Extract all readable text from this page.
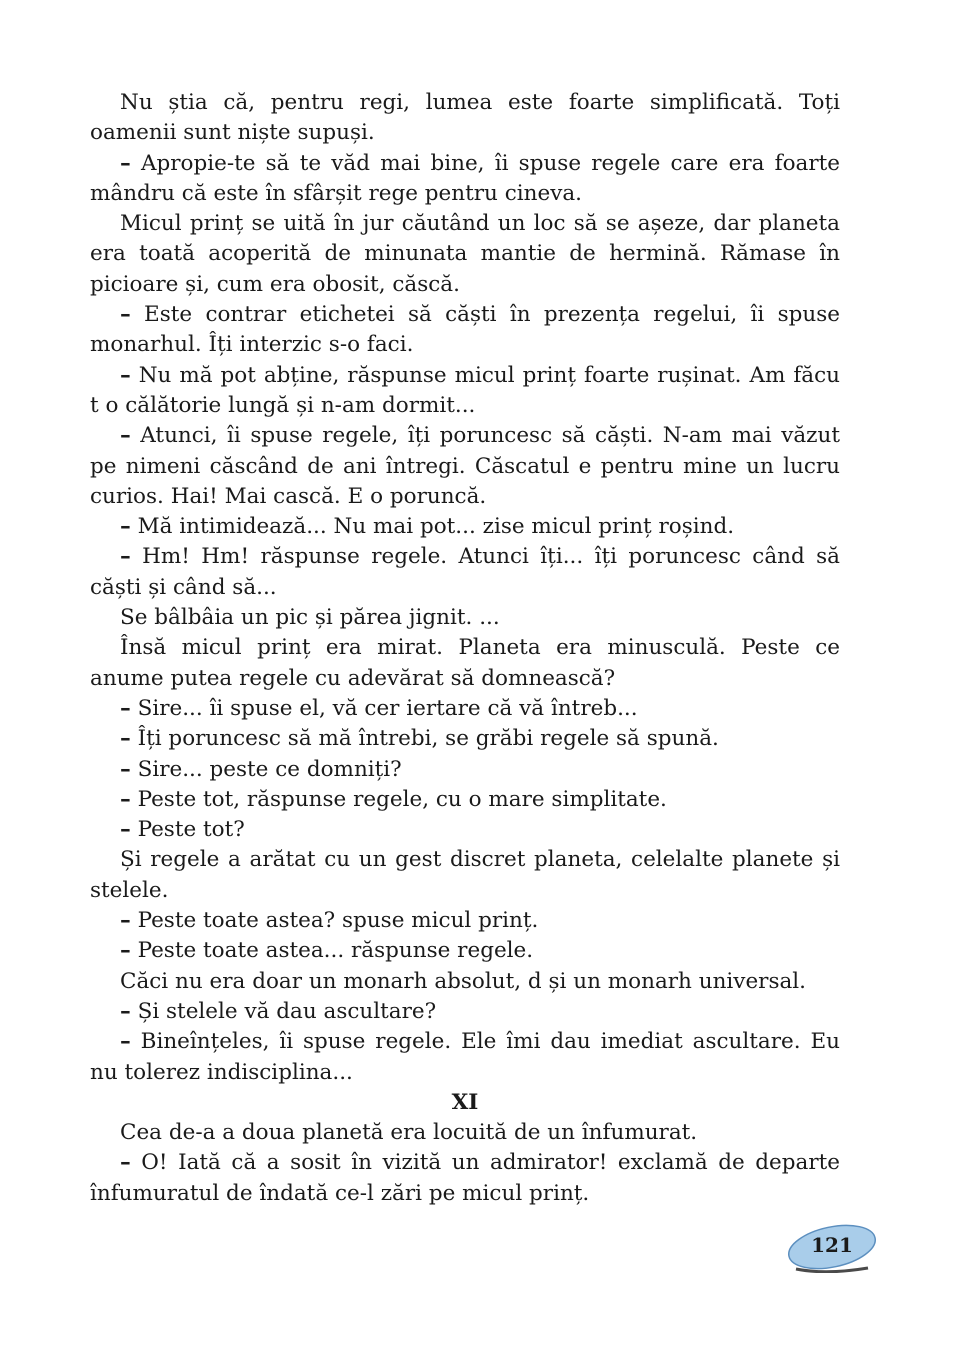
Nu știa că, pentru regi, lumea este foarte simplificată. Toți oamenii sunt niște supuși.

– Apropie-te să te văd mai bine, îi spuse regele care era foarte mândru că este în sfârșit rege pentru cineva.

Micul prinț se uită în jur căutând un loc să se așeze, dar planeta era toată acoperită de minunata mantie de hermină. Rămase în picioare și, cum era obosit, căscă.

– Este contrar etichetei să căști în prezența regelui, îi spuse monarhul. Îți interzic s-o faci.

– Nu mă pot abține, răspunse micul prinț foarte rușinat. Am făcu t o călătorie lungă și n-am dormit...

– Atunci, îi spuse regele, îți poruncesc să căști. N-am mai văzut pe nimeni căscând de ani întregi. Căscatul e pentru mine un lucru curios. Hai! Mai cască. E o poruncă.

– Mă intimidează... Nu mai pot... zise micul prinț roșind.

– Hm! Hm! răspunse regele. Atunci îți... îți poruncesc când să căști și când să...

Se bâlbâia un pic și părea jignit. ...

Însă micul prinț era mirat. Planeta era minusculă. Peste ce anume putea regele cu adevărat să domnească?

– Sire... îi spuse el, vă cer iertare că vă întreb...

– Îți poruncesc să mă întrebi, se grăbi regele să spună.

– Sire... peste ce domniți?

– Peste tot, răspunse regele, cu o mare simplitate.

– Peste tot?

Și regele a arătat cu un gest discret planeta, celelalte planete și stelele.

– Peste toate astea? spuse micul prinț.

– Peste toate astea... răspunse regele.

Căci nu era doar un monarh absolut, d și un monarh universal.

– Și stelele vă dau ascultare?

– Bineînțeles, îi spuse regele. Ele îmi dau imediat ascultare. Eu nu tolerez indisciplina...

XI

Cea de-a a doua planetă era locuită de un înfumurat.

– O! Iată că a sosit în vizită un admirator! exclamă de departe înfumuratul de îndată ce-l zări pe micul prinț.

121
